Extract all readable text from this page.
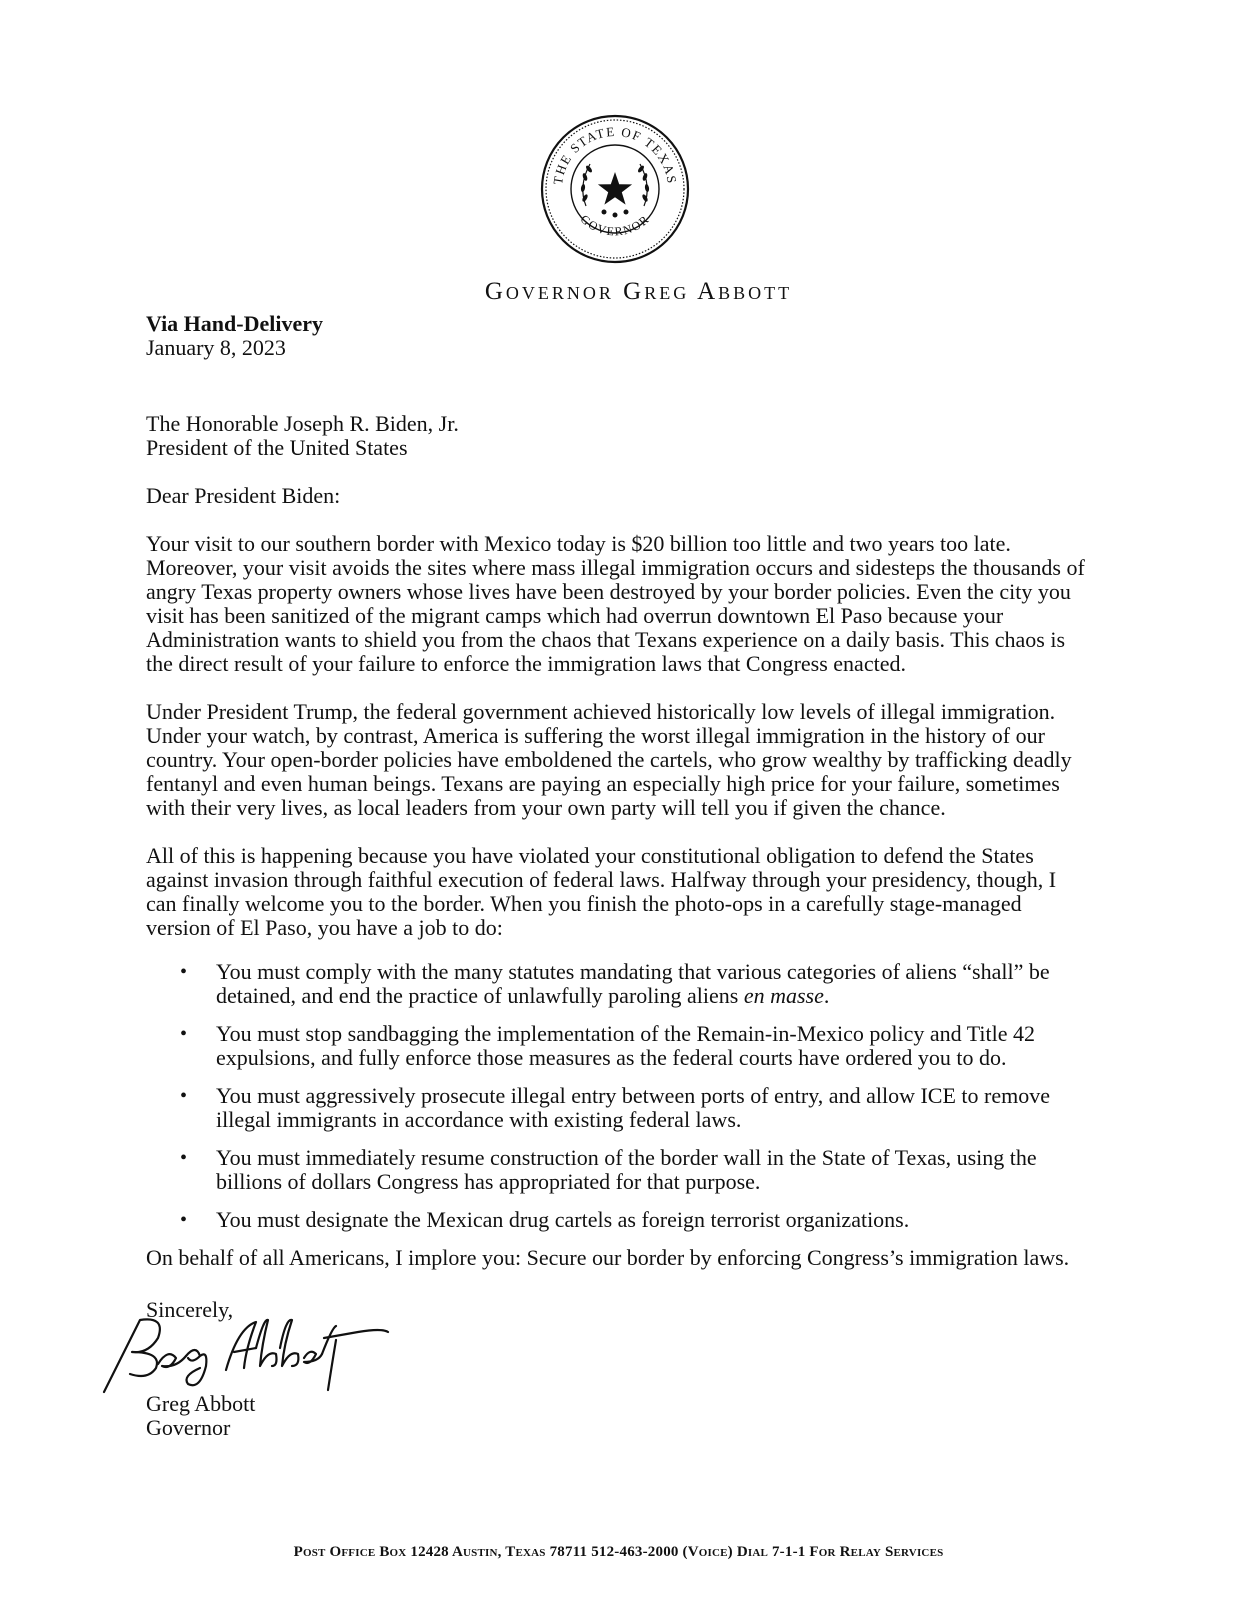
THE STATE OF TEXAS
GOVERNOR
Governor Greg Abbott

Via Hand-Delivery

January 8, 2023

The Honorable Joseph R. Biden, Jr.

President of the United States

Dear President Biden:

Your visit to our southern border with Mexico today is $20 billion too little and two years too late. Moreover, your visit avoids the sites where mass illegal immigration occurs and sidesteps the thousands of angry Texas property owners whose lives have been destroyed by your border policies. Even the city you visit has been sanitized of the migrant camps which had overrun downtown El Paso because your Administration wants to shield you from the chaos that Texans experience on a daily basis. This chaos is the direct result of your failure to enforce the immigration laws that Congress enacted.

Under President Trump, the federal government achieved historically low levels of illegal immigration. Under your watch, by contrast, America is suffering the worst illegal immigration in the history of our country. Your open-border policies have emboldened the cartels, who grow wealthy by trafficking deadly fentanyl and even human beings. Texans are paying an especially high price for your failure, sometimes with their very lives, as local leaders from your own party will tell you if given the chance.

All of this is happening because you have violated your constitutional obligation to defend the States against invasion through faithful execution of federal laws. Halfway through your presidency, though, I can finally welcome you to the border. When you finish the photo-ops in a carefully stage-managed version of El Paso, you have a job to do:

• You must comply with the many statutes mandating that various categories of aliens “shall” be detained, and end the practice of unlawfully paroling aliens en masse.
• You must stop sandbagging the implementation of the Remain-in-Mexico policy and Title 42 expulsions, and fully enforce those measures as the federal courts have ordered you to do.
• You must aggressively prosecute illegal entry between ports of entry, and allow ICE to remove illegal immigrants in accordance with existing federal laws.
• You must immediately resume construction of the border wall in the State of Texas, using the billions of dollars Congress has appropriated for that purpose.
• You must designate the Mexican drug cartels as foreign terrorist organizations.

On behalf of all Americans, I implore you: Secure our border by enforcing Congress’s immigration laws.

Sincerely,

Greg Abbott

Greg Abbott

Governor

Post Office Box 12428 Austin, Texas 78711 512-463-2000 (Voice) Dial 7-1-1 For Relay Services
